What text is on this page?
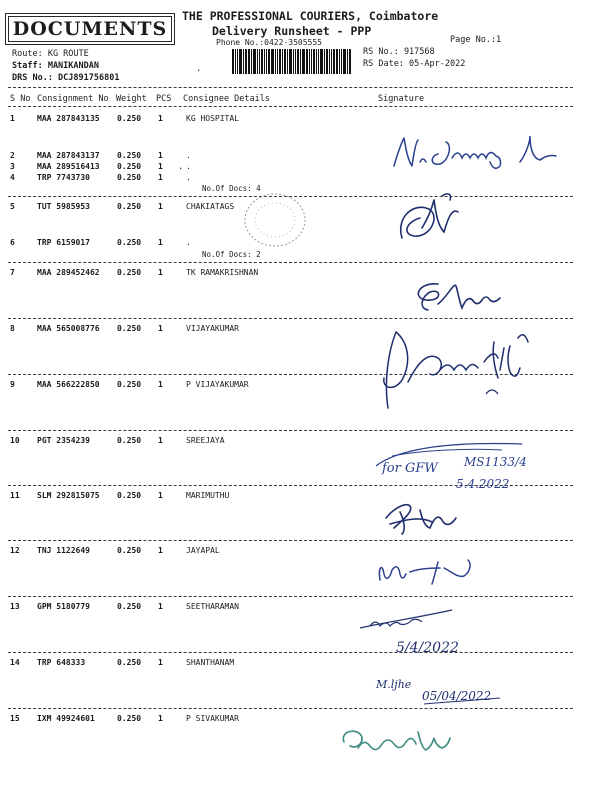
DOCUMENTS
THE PROFESSIONAL COURIERS, Coimbatore
Delivery Runsheet - PPP
Phone No.:0422-3505555	Page No.:1
Route: KG ROUTE
Staff: MANIKANDAN
DRS No.: DCJ891756801
RS No.: 917568
RS Date: 05-Apr-2022
S No Consignment No Weight PCS Consignee Details	Signature
1	MAA 287843135 0.250 1	KG HOSPITAL
2	MAA 287843137 0.250 1	.
3	MAA 289516413 0.250 1	.
4	TRP 7743730	0.250 1	.
No.Of Docs: 4
5	TUT 5985953	0.250 1	CHAKIATAGS
6	TRP 6159017	0.250 1	.
No.Of Docs: 2
7	MAA 289452462 0.250 1	TK RAMAKRISHNAN
8	MAA 565008776 0.250 1	VIJAYAKUMAR
9	MAA 566222850 0.250 1	P VIJAYAKUMAR
10 PGT 2354239	0.250 1	SREEJAYA
11 SLM 292815075 0.250 1	MARIMUTHU
12 TNJ 1122649	0.250 1	JAYAPAL
13 GPM 5180779	0.250 1	SEETHARAMAN
14 TRP 648333	0.250 1	SHANTHANAM
15 IXM 49924601	0.250 1	P SIVAKUMAR
for GFW MS1133/4
5.4.2022
5/4/2022
M.ljhe
05/04/2022
.
.
